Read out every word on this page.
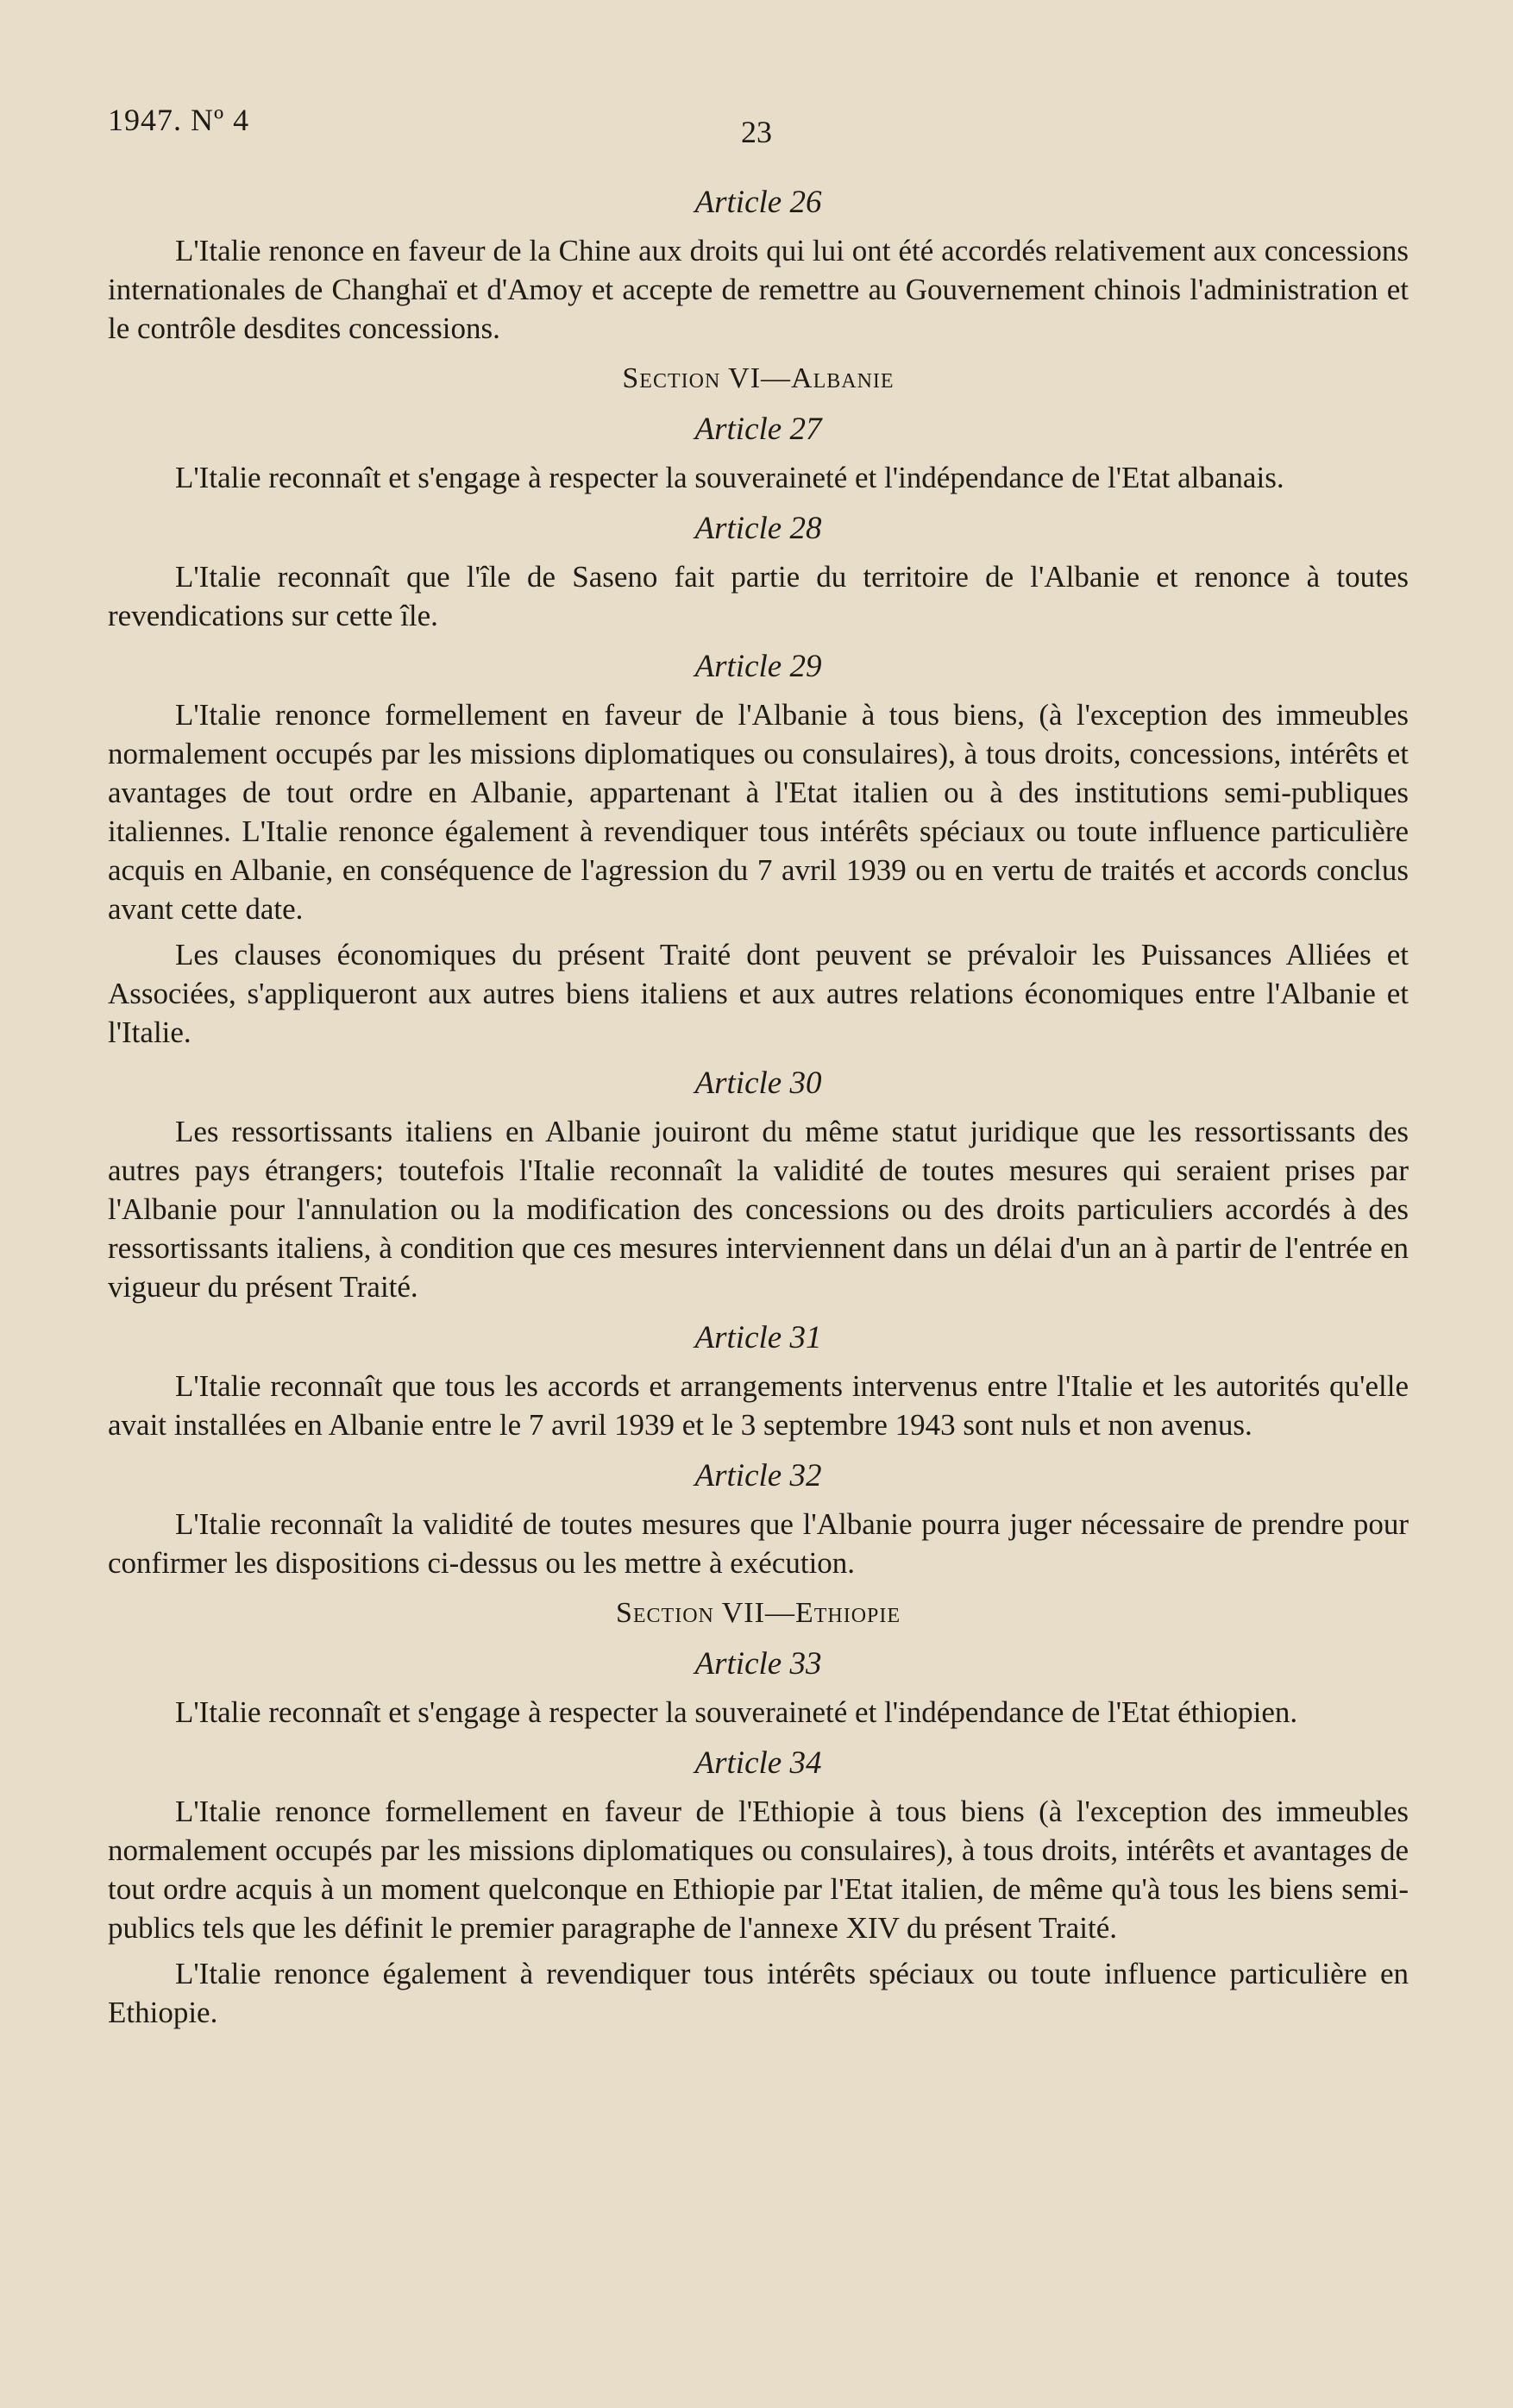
1947. Nº 4	23
Article 26

L'Italie renonce en faveur de la Chine aux droits qui lui ont été accordés relativement aux concessions internationales de Changhaï et d'Amoy et accepte de remettre au Gouvernement chinois l'administration et le contrôle desdites concessions.

Section VI—Albanie
Article 27

L'Italie reconnaît et s'engage à respecter la souveraineté et l'indépendance de l'Etat albanais.

Article 28

L'Italie reconnaît que l'île de Saseno fait partie du territoire de l'Albanie et renonce à toutes revendications sur cette île.

Article 29

L'Italie renonce formellement en faveur de l'Albanie à tous biens, (à l'exception des immeubles normalement occupés par les missions diplomatiques ou consulaires), à tous droits, concessions, intérêts et avantages de tout ordre en Albanie, appartenant à l'Etat italien ou à des institutions semi-publiques italiennes. L'Italie renonce également à revendiquer tous intérêts spéciaux ou toute influence particulière acquis en Albanie, en conséquence de l'agression du 7 avril 1939 ou en vertu de traités et accords conclus avant cette date.

Les clauses économiques du présent Traité dont peuvent se prévaloir les Puissances Alliées et Associées, s'appliqueront aux autres biens italiens et aux autres relations économiques entre l'Albanie et l'Italie.

Article 30

Les ressortissants italiens en Albanie jouiront du même statut juridique que les ressortissants des autres pays étrangers; toutefois l'Italie reconnaît la validité de toutes mesures qui seraient prises par l'Albanie pour l'annulation ou la modification des concessions ou des droits particuliers accordés à des ressortissants italiens, à condition que ces mesures interviennent dans un délai d'un an à partir de l'entrée en vigueur du présent Traité.

Article 31

L'Italie reconnaît que tous les accords et arrangements intervenus entre l'Italie et les autorités qu'elle avait installées en Albanie entre le 7 avril 1939 et le 3 septembre 1943 sont nuls et non avenus.

Article 32

L'Italie reconnaît la validité de toutes mesures que l'Albanie pourra juger nécessaire de prendre pour confirmer les dispositions ci-dessus ou les mettre à exécution.

Section VII—Ethiopie
Article 33

L'Italie reconnaît et s'engage à respecter la souveraineté et l'indépendance de l'Etat éthiopien.

Article 34

L'Italie renonce formellement en faveur de l'Ethiopie à tous biens (à l'exception des immeubles normalement occupés par les missions diplomatiques ou consulaires), à tous droits, intérêts et avantages de tout ordre acquis à un moment quelconque en Ethiopie par l'Etat italien, de même qu'à tous les biens semi-publics tels que les définit le premier paragraphe de l'annexe XIV du présent Traité.

L'Italie renonce également à revendiquer tous intérêts spéciaux ou toute influence particulière en Ethiopie.
